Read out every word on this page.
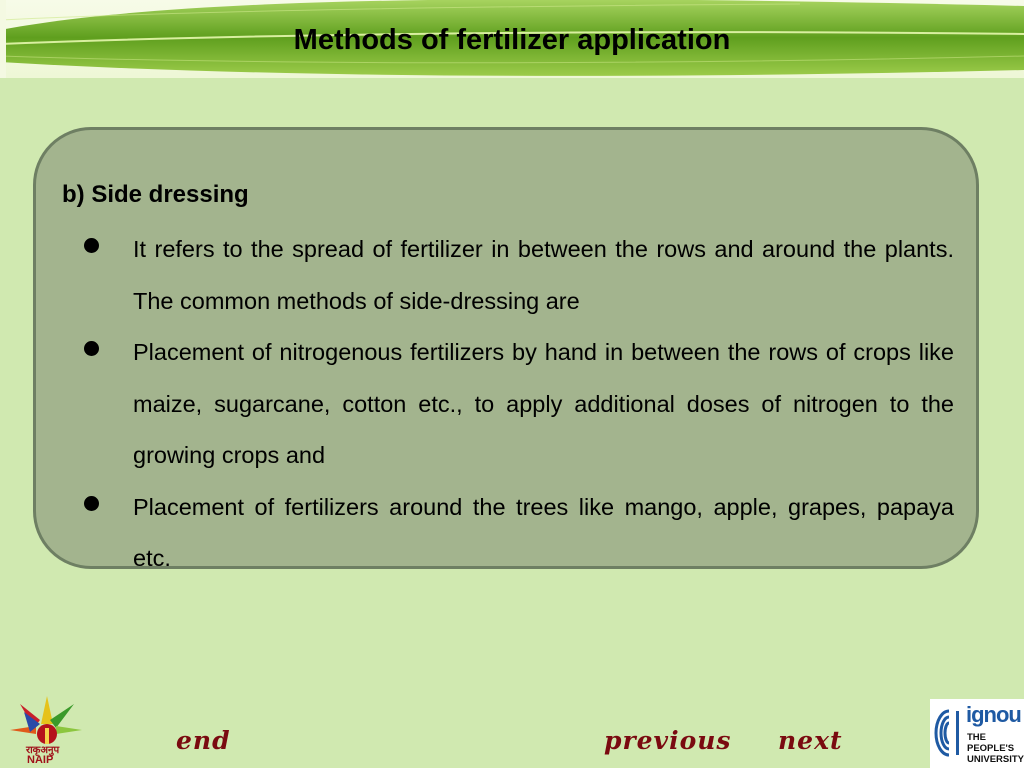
Methods of fertilizer application
b) Side dressing
It refers to the spread of fertilizer in between the rows and around the plants. The common methods of side-dressing are
Placement of nitrogenous fertilizers by hand in between the rows of crops like maize, sugarcane, cotton etc., to apply additional doses of nitrogen to the growing crops and
Placement of fertilizers around the trees like mango, apple, grapes, papaya etc.
राकृअनुप
NAIP
end	previous next
ignou
THE PEOPLE'S
UNIVERSITY
